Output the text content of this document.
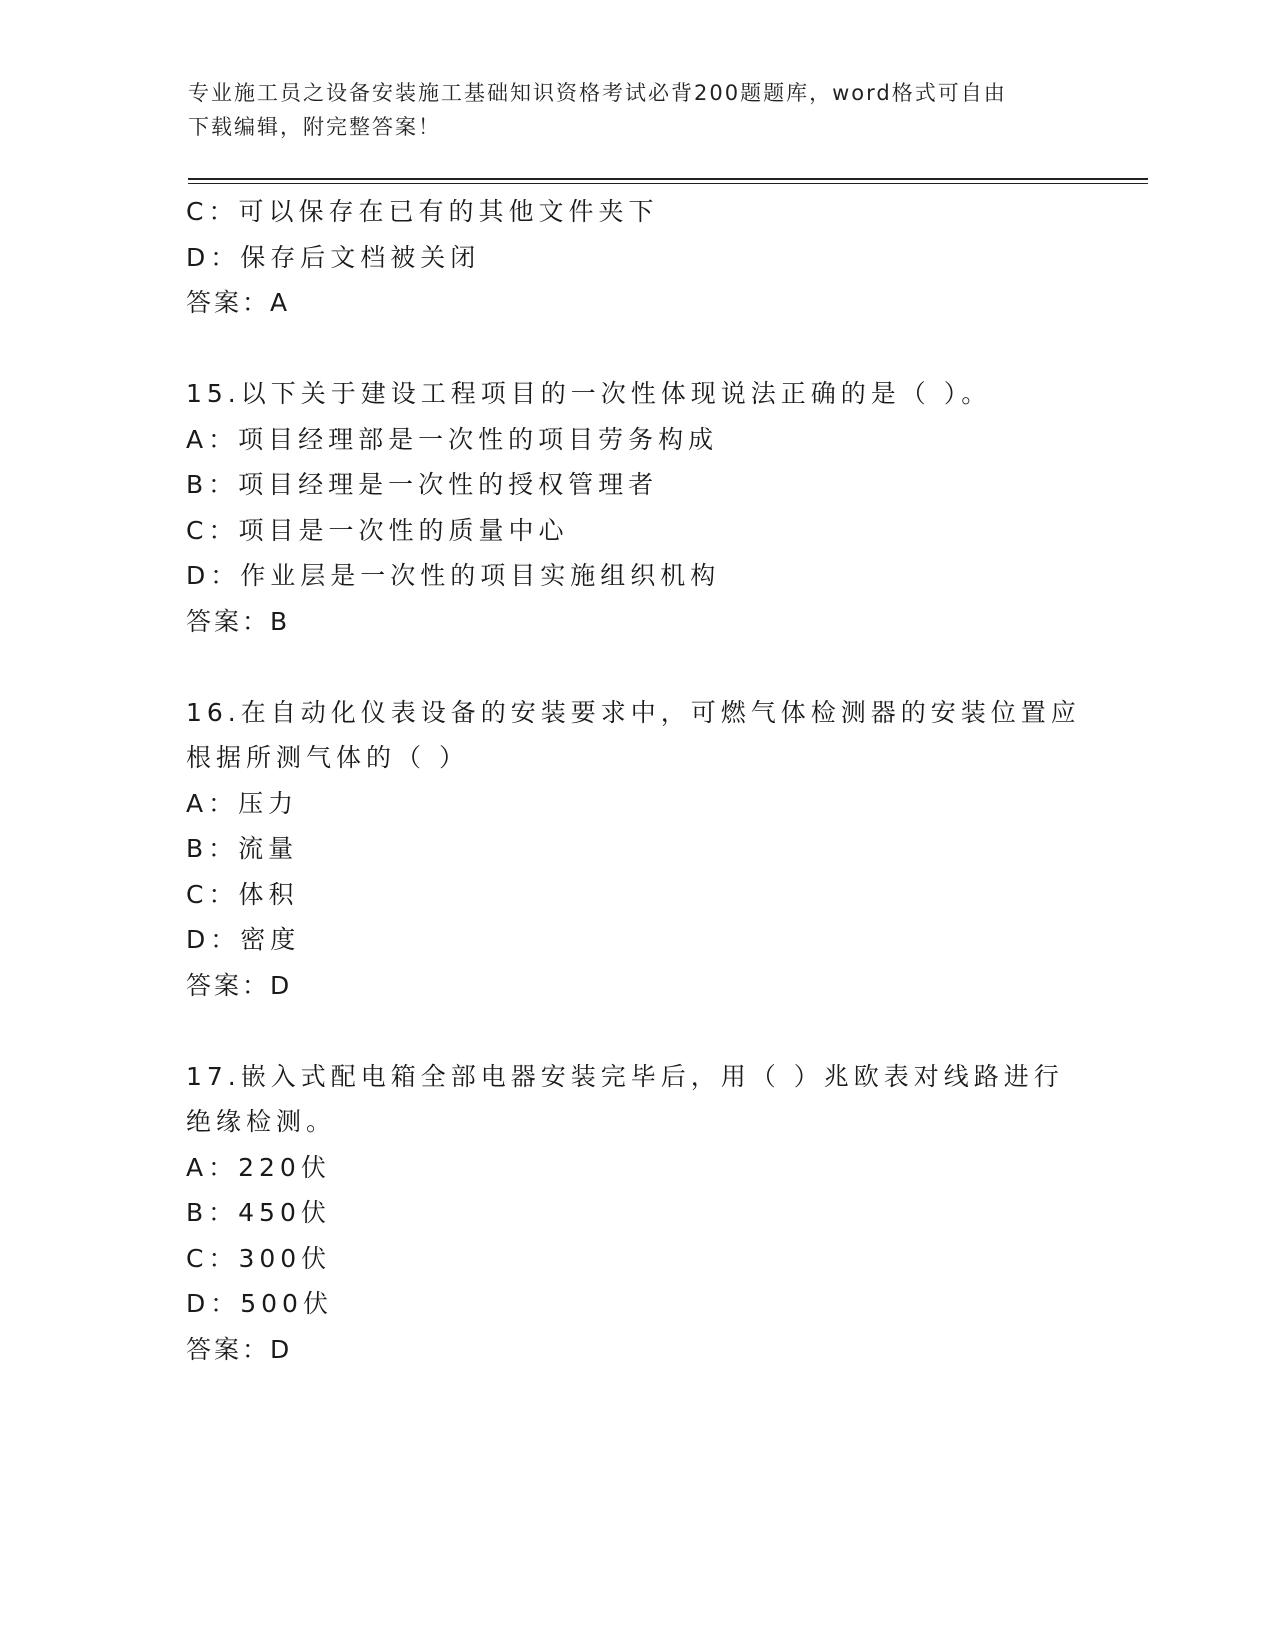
专业施工员之设备安装施工基础知识资格考试必背200题题库，word格式可自由
下载编辑，附完整答案！
C：可以保存在已有的其他文件夹下
D：保存后文档被关闭
答案：A
15.以下关于建设工程项目的一次性体现说法正确的是（ ）。
A：项目经理部是一次性的项目劳务构成
B：项目经理是一次性的授权管理者
C：项目是一次性的质量中心
D：作业层是一次性的项目实施组织机构
答案：B
16.在自动化仪表设备的安装要求中，可燃气体检测器的安装位置应根据所测气体的（ ）
A：压力
B：流量
C：体积
D：密度
答案：D
17.嵌入式配电箱全部电器安装完毕后，用（ ）兆欧表对线路进行绝缘检测。
A：220伏
B：450伏
C：300伏
D：500伏
答案：D
